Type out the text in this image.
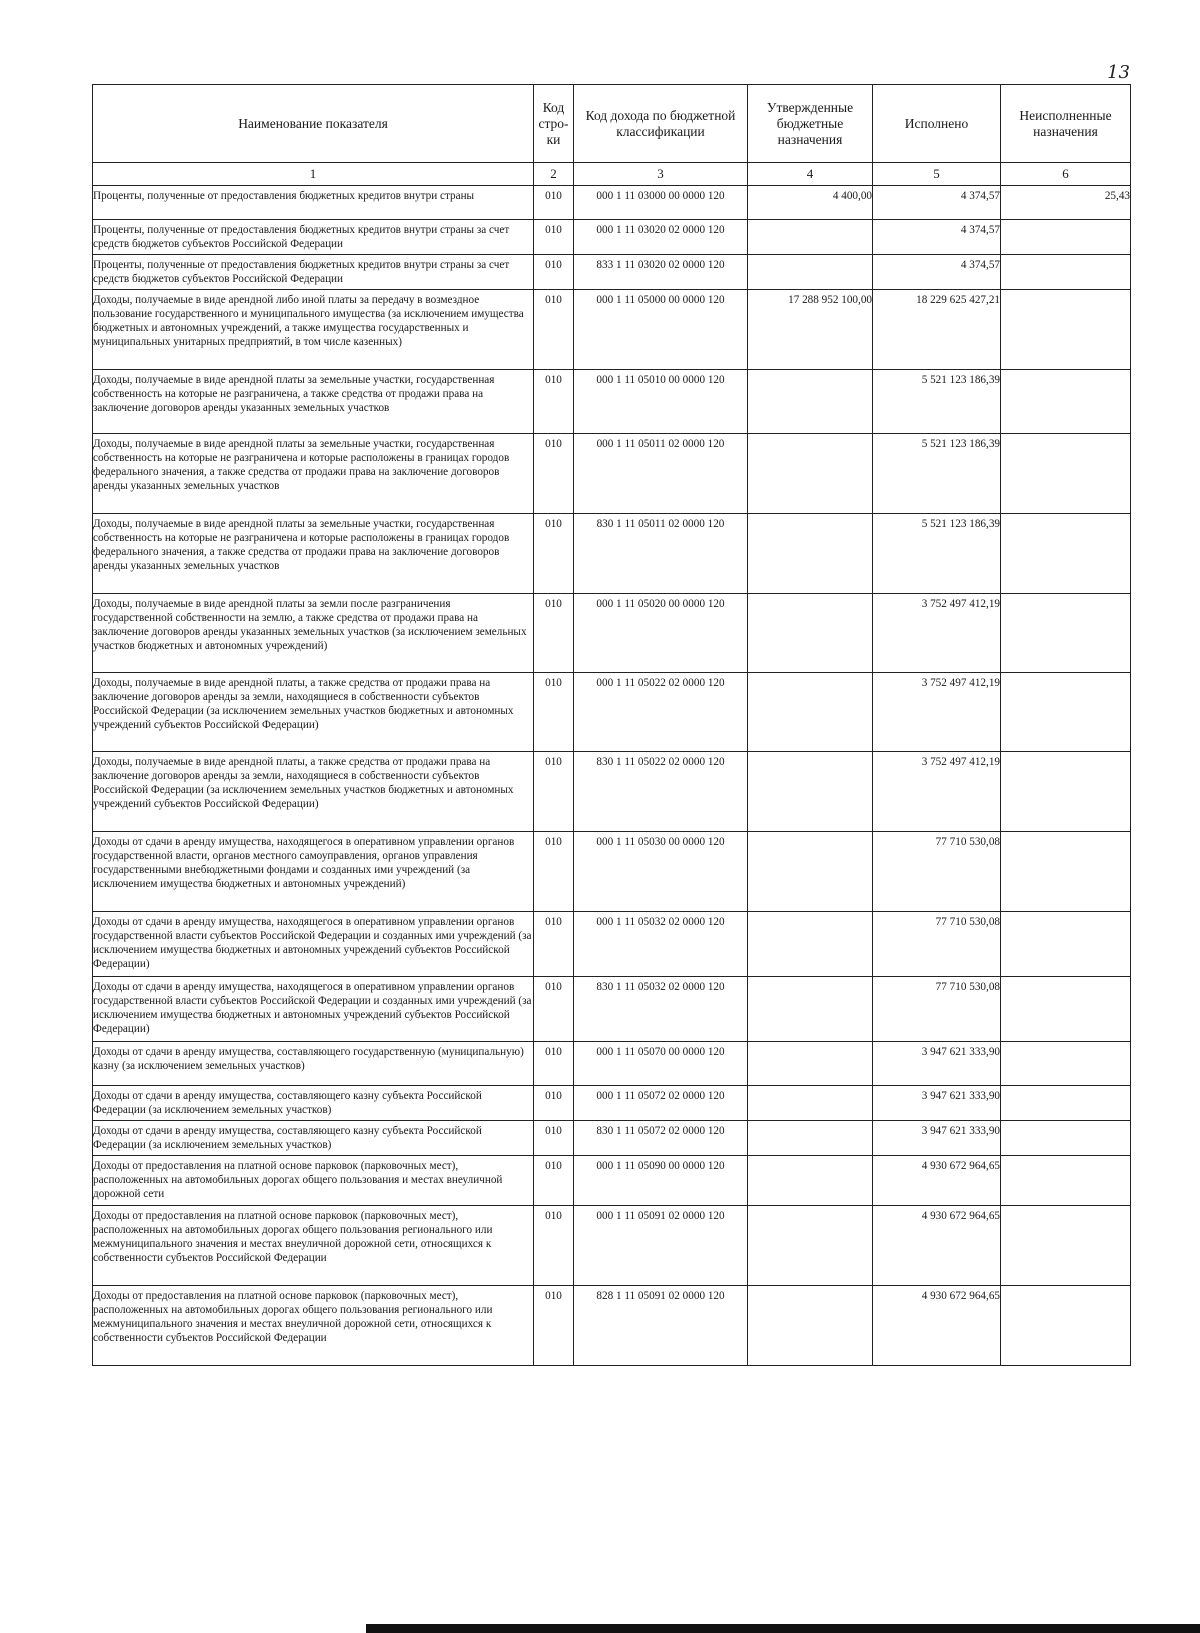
13
Наименование показателя	Код стро-ки	Код дохода по бюджетной классификации	Утвержденные бюджетные назначения	Исполнено	Неисполненные назначения
1	2	3	4	5	6
Проценты, полученные от предоставления бюджетных кредитов внутри страны	010	000 1 11 03000 00 0000 120	4 400,00	4 374,57	25,43
Проценты, полученные от предоставления бюджетных кредитов внутри страны за счет средств бюджетов субъектов Российской Федерации	010	000 1 11 03020 02 0000 120		4 374,57	
Проценты, полученные от предоставления бюджетных кредитов внутри страны за счет средств бюджетов субъектов Российской Федерации	010	833 1 11 03020 02 0000 120		4 374,57	
Доходы, получаемые в виде арендной либо иной платы за передачу в возмездное пользование государственного и муниципального имущества (за исключением имущества бюджетных и автономных учреждений, а также имущества государственных и муниципальных унитарных предприятий, в том числе казенных)	010	000 1 11 05000 00 0000 120	17 288 952 100,00	18 229 625 427,21	
Доходы, получаемые в виде арендной платы за земельные участки, государственная собственность на которые не разграничена, а также средства от продажи права на заключение договоров аренды указанных земельных участков	010	000 1 11 05010 00 0000 120		5 521 123 186,39	
Доходы, получаемые в виде арендной платы за земельные участки, государственная собственность на которые не разграничена и которые расположены в границах городов федерального значения, а также средства от продажи права на заключение договоров аренды указанных земельных участков	010	000 1 11 05011 02 0000 120		5 521 123 186,39	
Доходы, получаемые в виде арендной платы за земельные участки, государственная собственность на которые не разграничена и которые расположены в границах городов федерального значения, а также средства от продажи права на заключение договоров аренды указанных земельных участков	010	830 1 11 05011 02 0000 120		5 521 123 186,39	
Доходы, получаемые в виде арендной платы за земли после разграничения государственной собственности на землю, а также средства от продажи права на заключение договоров аренды указанных земельных участков (за исключением земельных участков бюджетных и автономных учреждений)	010	000 1 11 05020 00 0000 120		3 752 497 412,19	
Доходы, получаемые в виде арендной платы, а также средства от продажи права на заключение договоров аренды за земли, находящиеся в собственности субъектов Российской Федерации (за исключением земельных участков бюджетных и автономных учреждений субъектов Российской Федерации)	010	000 1 11 05022 02 0000 120		3 752 497 412,19	
Доходы, получаемые в виде арендной платы, а также средства от продажи права на заключение договоров аренды за земли, находящиеся в собственности субъектов Российской Федерации (за исключением земельных участков бюджетных и автономных учреждений субъектов Российской Федерации)	010	830 1 11 05022 02 0000 120		3 752 497 412,19	
Доходы от сдачи в аренду имущества, находящегося в оперативном управлении органов государственной власти, органов местного самоуправления, органов управления государственными внебюджетными фондами и созданных ими учреждений (за исключением имущества бюджетных и автономных учреждений)	010	000 1 11 05030 00 0000 120		77 710 530,08	
Доходы от сдачи в аренду имущества, находящегося в оперативном управлении органов государственной власти субъектов Российской Федерации и созданных ими учреждений (за исключением имущества бюджетных и автономных учреждений субъектов Российской Федерации)	010	000 1 11 05032 02 0000 120		77 710 530,08	
Доходы от сдачи в аренду имущества, находящегося в оперативном управлении органов государственной власти субъектов Российской Федерации и созданных ими учреждений (за исключением имущества бюджетных и автономных учреждений субъектов Российской Федерации)	010	830 1 11 05032 02 0000 120		77 710 530,08	
Доходы от сдачи в аренду имущества, составляющего государственную (муниципальную) казну (за исключением земельных участков)	010	000 1 11 05070 00 0000 120		3 947 621 333,90	
Доходы от сдачи в аренду имущества, составляющего казну субъекта Российской Федерации (за исключением земельных участков)	010	000 1 11 05072 02 0000 120		3 947 621 333,90	
Доходы от сдачи в аренду имущества, составляющего казну субъекта Российской Федерации (за исключением земельных участков)	010	830 1 11 05072 02 0000 120		3 947 621 333,90	
Доходы от предоставления на платной основе парковок (парковочных мест), расположенных на автомобильных дорогах общего пользования и местах внеуличной дорожной сети	010	000 1 11 05090 00 0000 120		4 930 672 964,65	
Доходы от предоставления на платной основе парковок (парковочных мест), расположенных на автомобильных дорогах общего пользования регионального или межмуниципального значения и местах внеуличной дорожной сети, относящихся к собственности субъектов Российской Федерации	010	000 1 11 05091 02 0000 120		4 930 672 964,65	
Доходы от предоставления на платной основе парковок (парковочных мест), расположенных на автомобильных дорогах общего пользования регионального или межмуниципального значения и местах внеуличной дорожной сети, относящихся к собственности субъектов Российской Федерации	010	828 1 11 05091 02 0000 120		4 930 672 964,65	
